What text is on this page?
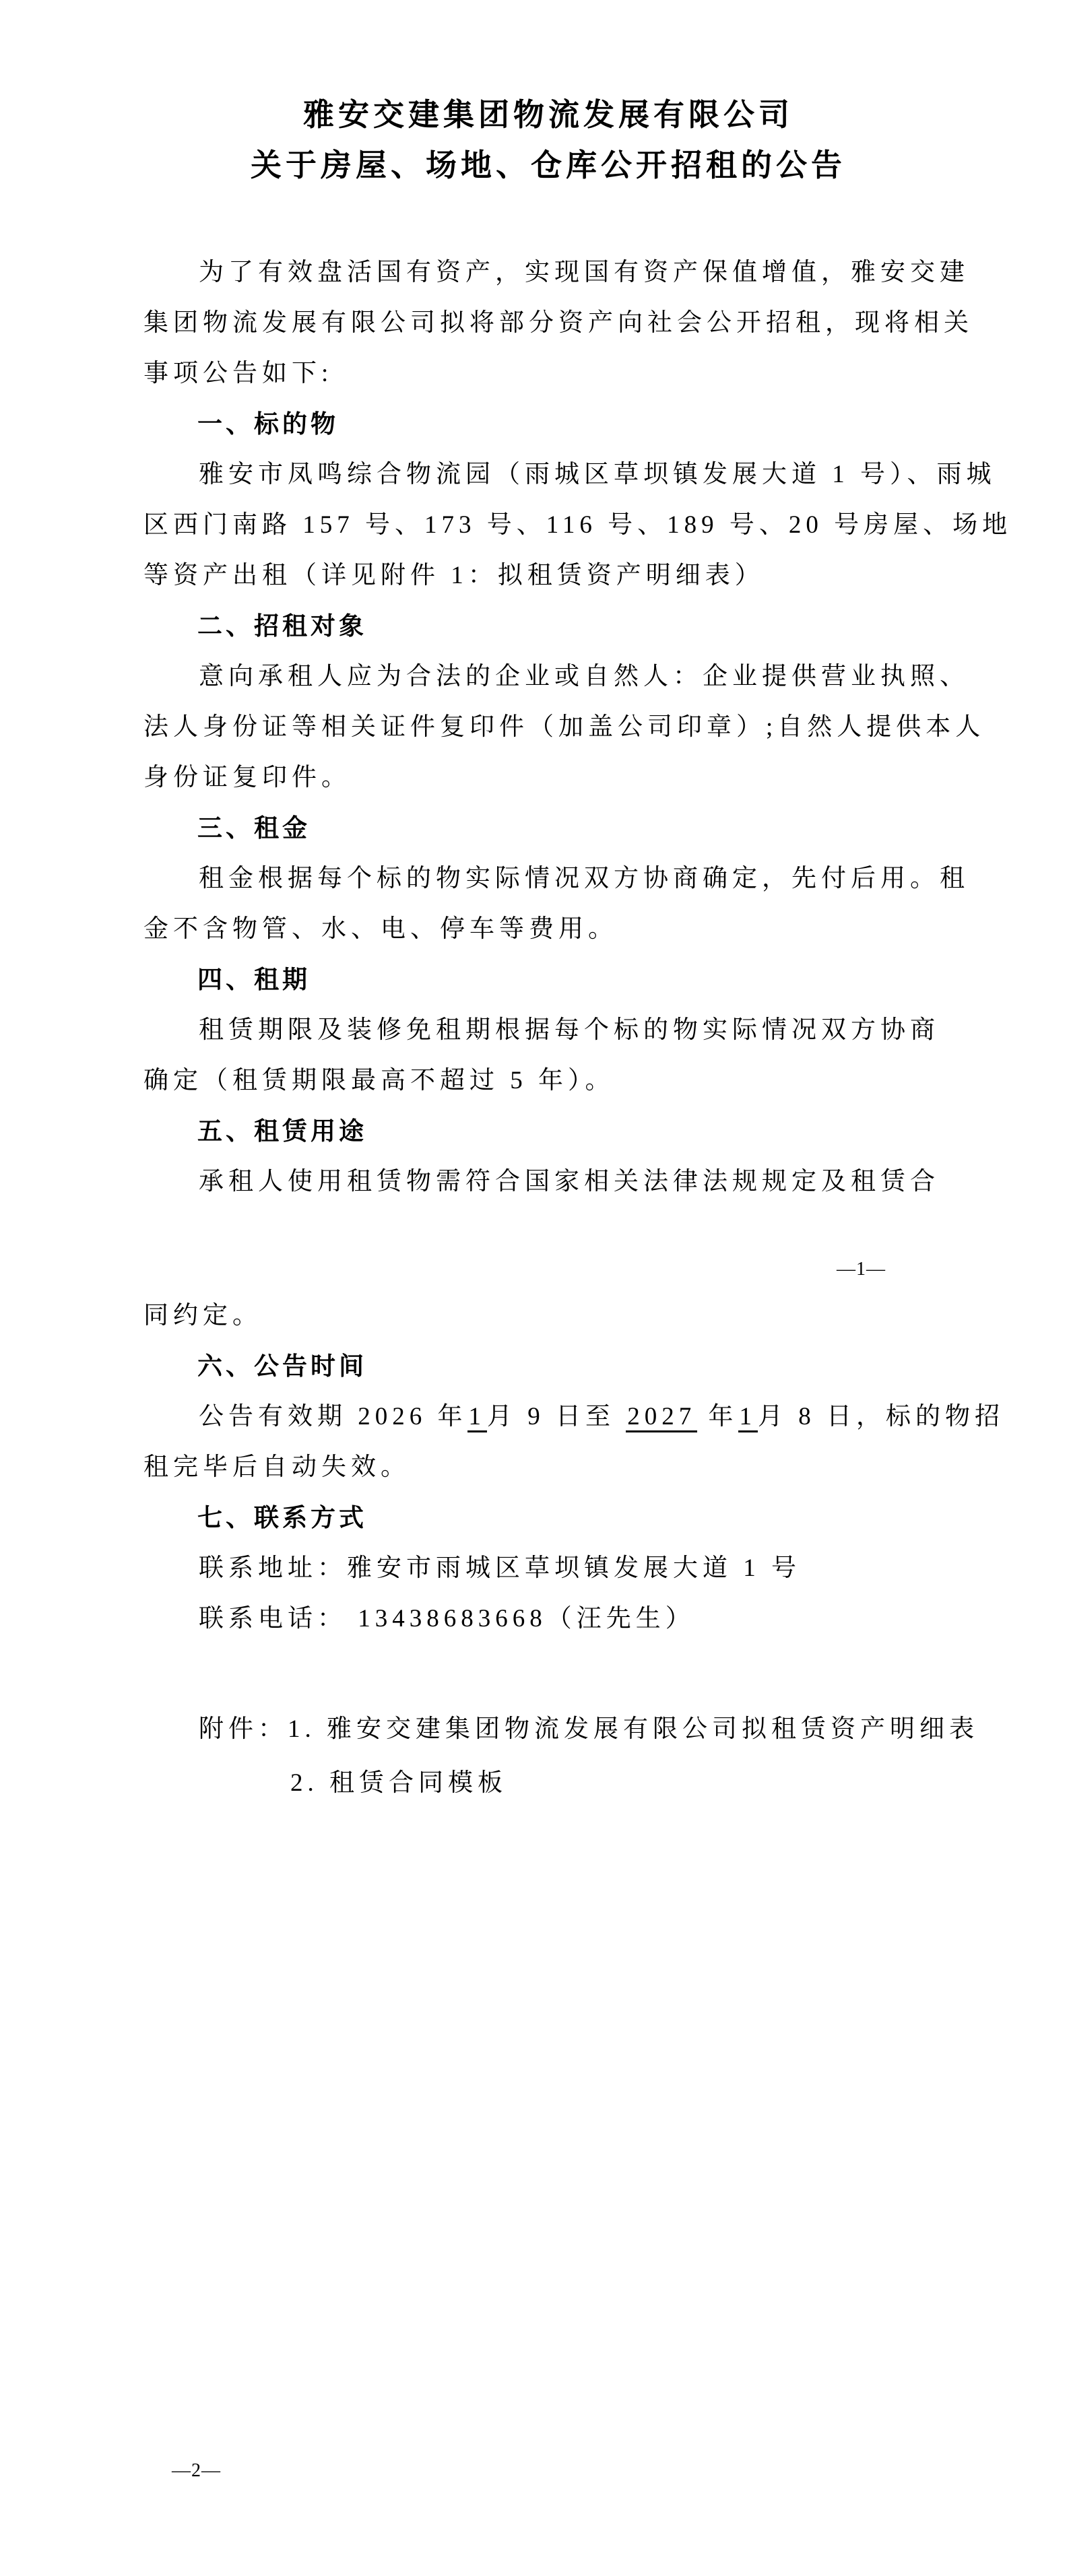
雅安交建集团物流发展有限公司
关于房屋、场地、仓库公开招租的公告
为了有效盘活国有资产，实现国有资产保值增值，雅安交建
集团物流发展有限公司拟将部分资产向社会公开招租，现将相关
事项公告如下:
一、标的物
雅安市凤鸣综合物流园（雨城区草坝镇发展大道 1 号）、雨城
区西门南路 157 号、173 号、116 号、189 号、20 号房屋、场地
等资产出租（详见附件 1：拟租赁资产明细表）
二、招租对象
意向承租人应为合法的企业或自然人：企业提供营业执照、
法人身份证等相关证件复印件（加盖公司印章）;自然人提供本人
身份证复印件。
三、租金
租金根据每个标的物实际情况双方协商确定，先付后用。租
金不含物管、水、电、停车等费用。
四、租期
租赁期限及装修免租期根据每个标的物实际情况双方协商
确定（租赁期限最高不超过 5 年）。
五、租赁用途
承租人使用租赁物需符合国家相关法律法规规定及租赁合
—1—
同约定。
六、公告时间
公告有效期 2026 年1月 9 日至 2027 年1月 8 日，标的物招
租完毕后自动失效。
七、联系方式
联系地址：雅安市雨城区草坝镇发展大道 1 号
联系电话： 13438683668（汪先生）
附件：1. 雅安交建集团物流发展有限公司拟租赁资产明细表
2. 租赁合同模板
—2—
